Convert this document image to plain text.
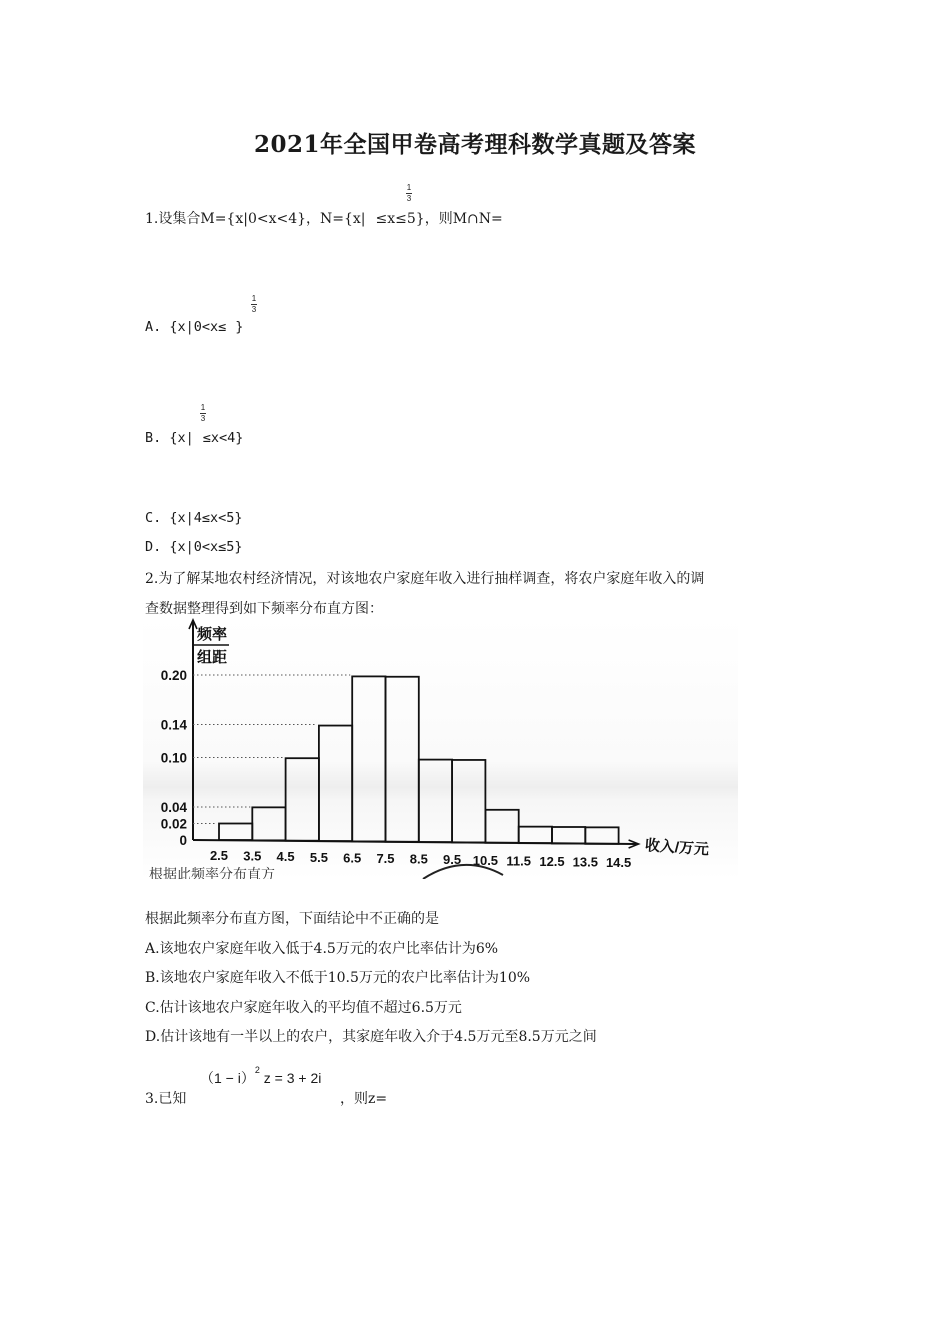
2021年全国甲卷高考理科数学真题及答案
1.设集合M={x|0<x<4}，N={x| ≤x≤5}，则M∩N=
1
3
A. {x|0<x≤ }
1
3
B. {x| ≤x<4}
1
3
C. {x|4≤x<5}
D. {x|0<x≤5}
2.为了解某地农村经济情况，对该地农户家庭年收入进行抽样调查，将农户家庭年收入的调
查数据整理得到如下频率分布直方图：
频率
组距
0.20
0.14
0.10
0.04
0.02
0
2.5 3.5 4.5 5.5 6.5 7.5 8.5 9.5 10.5 11.5 12.5 13.5 14.5
收入/万元
根据此频率分布直方
根据此频率分布直方图，下面结论中不正确的是
A.该地农户家庭年收入低于4.5万元的农户比率估计为6%
B.该地农户家庭年收入不低于10.5万元的农户比率估计为10%
C.估计该地农户家庭年收入的平均值不超过6.5万元
D.估计该地有一半以上的农户，其家庭年收入介于4.5万元至8.5万元之间
3.已知
$(1 - i)^2$ z = 3 + 2i
，则z=
